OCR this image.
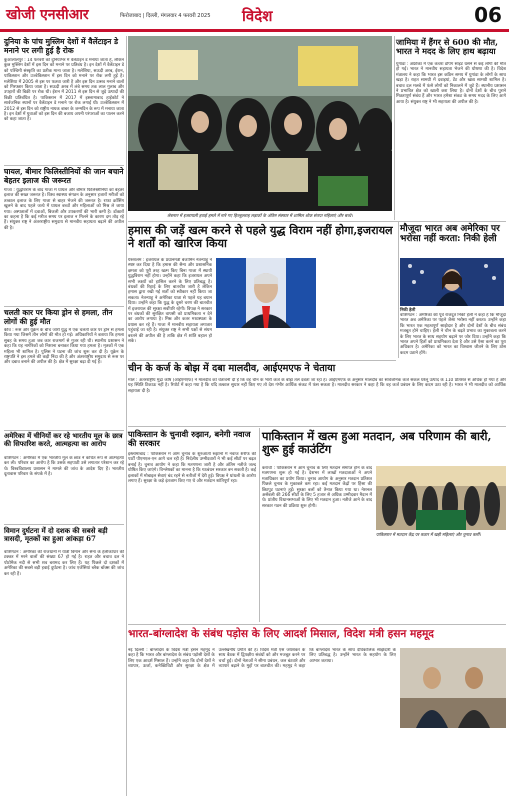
खोजी एनसीआर	फिरोजाबाद | दिल्ली, मंगलवार 4 फरवरी 2025 विदेश	06
दुनिया के पांच मुस्लिम देशों में वैलेंटाइन डे मनाने पर लगी हुई है रोक
कुआलालंपुर : 14 फरवरी को दुनियाभर में वैलेंटाइन डे मनाया जाता है, लेकिन कुछ मुस्लिम देशों में इस दिन को मनाने पर प्रतिबंध है। इन देशों में वैलेंटाइन डे को पश्चिमी संस्कृति का प्रतीक माना जाता है। मलेशिया, सऊदी अरब, ईरान, पाकिस्तान और उज्बेकिस्तान में इस दिन को मनाने पर रोक लगी हुई है। मलेशिया में 2005 से इस पर फतवा जारी है और इस दिन उत्सव मनाने वालों को गिरफ्तार किया जाता है। सऊदी अरब में लंबे समय तक लाल गुलाब और उपहारों की बिक्री पर रोक थी। ईरान में 2011 से इस दिन से जुड़े उत्पादों की बिक्री प्रतिबंधित है। पाकिस्तान में 2017 में इस्लामाबाद हाईकोर्ट ने सार्वजनिक स्थानों पर वैलेंटाइन डे मनाने पर रोक लगाई थी। उज्बेकिस्तान में 2012 से इस दिन को राष्ट्रीय नायक बाबर के जन्मदिन के रूप में मनाया जाता है। इन देशों में युवाओं को इस दिन की बजाय अपनी परंपराओं का पालन करने को कहा जाता है।
घायल, बीमार फिलिस्तीनियों की जान बचाने बेहतर इलाज की जरूरत
गाजा : युद्धविराम के बाद गाजा में घायल और बीमार फिलिस्तीनियों को बेहतर इलाज की सख्त जरूरत है। विश्व स्वास्थ्य संगठन के अनुसार हजारों मरीजों को तत्काल इलाज के लिए गाजा से बाहर भेजने की जरूरत है। राफा क्रॉसिंग खुलने के बाद पहले जत्थे में घायल बच्चों और महिलाओं को मिस्र ले जाया गया। अस्पतालों में दवाओं, बिजली और उपकरणों की भारी कमी है। डॉक्टरों का कहना है कि कई मरीज समय पर इलाज न मिलने के कारण दम तोड़ रहे हैं। संयुक्त राष्ट्र ने अंतरराष्ट्रीय समुदाय से मानवीय सहायता बढ़ाने की अपील की है।
लेबनान में इजरायली हवाई हमले में मारे गए हिज्बुल्लाह लड़ाकों के अंतिम संस्कार में शामिल शोक संतप्त महिलाएं और बच्चे।
जामिया में हैंगर से 600 की मौत, भारत ने मदद के लिए हाथ बढ़ाया
युगांडा : अफ्रीका में एक कचरा डंपिंग साइट धंसने से कई लोगों की मौत हो गई। भारत ने मानवीय सहायता भेजने की घोषणा की है। विदेश मंत्रालय ने कहा कि भारत इस कठिन समय में युगांडा के लोगों के साथ खड़ा है। राहत सामग्री में दवाइयां, टेंट और खाद्य सामग्री शामिल है। बचाव दल मलबे में फंसे लोगों को निकालने में जुटे हैं। स्थानीय प्रशासन ने प्रभावित क्षेत्र को खाली करा लिया है। दोनों देशों के बीच पुराने मित्रतापूर्ण संबंध हैं और भारत हमेशा संकट के समय मदद के लिए आगे आया है। संयुक्त राष्ट्र ने भी सहायता की अपील की है।
हमास की जड़ें खत्म करने से पहले युद्ध विराम नहीं होगा,इजरायल ने शर्तों को खारिज किया
मौजूदा भारत अब अमेरिका पर भरोसा नहीं करता: निकी हेली
येरुशलम : इजरायल के प्रधानमंत्री बेंजामिन नेतन्याहू ने स्पष्ट कर दिया है कि हमास की सैन्य और प्रशासनिक क्षमता को पूरी तरह खत्म किए बिना गाजा में स्थायी युद्धविराम नहीं होगा। उन्होंने कहा कि इजरायल अपने सभी लक्ष्यों को हासिल करने के लिए प्रतिबद्ध है। बंधकों की रिहाई के लिए बातचीत जारी है लेकिन हमास द्वारा रखी गई शर्तों को स्वीकार नहीं किया जा सकता। नेतन्याहू ने अमेरिका यात्रा से पहले यह बयान दिया। उन्होंने कहा कि युद्ध के दूसरे चरण की बातचीत में इजरायल की सुरक्षा सर्वोपरि रहेगी। विपक्ष ने सरकार पर बंधकों की सुरक्षित वापसी को प्राथमिकता न देने का आरोप लगाया है। मिस्र और कतर मध्यस्थता के प्रयास कर रहे हैं। गाजा में मानवीय सहायता लगातार पहुंचाई जा रही है। संयुक्त राष्ट्र ने सभी पक्षों से संयम बरतने की अपील की है ताकि क्षेत्र में शांति बहाल हो सके।
निकी हेली
वाशिंगटन : अमेरिका की पूर्व राजदूत निकी हेली ने कहा है कि मौजूदा भारत अब अमेरिका पर पहले जैसा भरोसा नहीं करता। उन्होंने कहा कि भारत एक महत्वपूर्ण साझेदार है और दोनों देशों के बीच संबंध मजबूत होने चाहिए। हेली ने चीन के बढ़ते प्रभाव का मुकाबला करने के लिए भारत के साथ सहयोग बढ़ाने पर जोर दिया। उन्होंने कहा कि भारत अपने हितों को प्राथमिकता देता है और उसे ऐसा करने का पूरा अधिकार है। अमेरिका को भारत का विश्वास जीतने के लिए ठोस कदम उठाने होंगे।
चलती कार पर किया ड्रोन से हमला, तीन लोगों की हुई मौत
कीव : रूस और यूक्रेन के बीच जारी युद्ध में एक चलती कार पर ड्रोन से हमला किया गया जिसमें तीन लोगों की मौत हो गई। अधिकारियों ने बताया कि हमला सुबह के समय हुआ जब कार राजमार्ग से गुजर रही थी। स्थानीय प्रशासन ने कहा कि यह नागरिकों को निशाना बनाकर किया गया हमला है। मृतकों में एक महिला भी शामिल है। पुलिस ने घटना की जांच शुरू कर दी है। यूक्रेन के राष्ट्रपति ने इस हमले की कड़ी निंदा की है और अंतरराष्ट्रीय समुदाय से रूस पर और दबाव बनाने की अपील की है। क्षेत्र में सुरक्षा बढ़ा दी गई है।
चीन के कर्ज के बोझ में दबा मालदीव, आईएमएफ ने चेताया
माले : अंतरराष्ट्रीय मुद्रा कोष (आईएमएफ) ने मालदीव को चेतावनी दी है कि वह चीन के भारी कर्ज के बोझ तले दबता जा रहा है। आईएमएफ के अनुसार मालदीव का सार्वजनिक कर्ज सकल घरेलू उत्पाद के 110 प्रतिशत से अधिक हो गया है और यह स्थिति टिकाऊ नहीं है। रिपोर्ट में कहा गया है कि यदि तत्काल सुधार नहीं किए गए तो देश गंभीर आर्थिक संकट में फंस सकता है। मालदीव सरकार ने कहा है कि वह कर्ज प्रबंधन के लिए कदम उठा रही है। भारत ने भी मालदीव को आर्थिक सहायता दी है।
अमेरिका में चीनियों कर रहे भारतीय मूल के छात्र की सिफारिश करते, आत्महत्या का आरोप
वाशिंगटन : अमेरिका में एक भारतीय मूल के छात्र ने कथित रूप से आत्महत्या कर ली। परिवार का आरोप है कि उसके सहपाठी उसे लगातार परेशान कर रहे थे। विश्वविद्यालय प्रशासन ने मामले की जांच के आदेश दिए हैं। भारतीय दूतावास परिवार के संपर्क में है।
पाकिस्तान के चुनावी रुझान, बनेगी नवाज की सरकार
इस्लामाबाद : पाकिस्तान में आम चुनाव के शुरुआती रुझानों में नवाज शरीफ की पार्टी पीएमएल-एन आगे चल रही है। निर्दलीय उम्मीदवारों ने भी कई सीटों पर बढ़त बनाई है। चुनाव आयोग ने कहा कि मतगणना जारी है और अंतिम नतीजे जल्द घोषित किए जाएंगे। विश्लेषकों का मानना है कि गठबंधन सरकार बन सकती है। कई इलाकों में मोबाइल सेवाएं बंद रहने से नतीजों में देरी हुई। विपक्ष ने धांधली के आरोप लगाए हैं। सुरक्षा के कड़े इंतजाम किए गए थे और मतदान शांतिपूर्ण रहा।
पाकिस्तान में खत्म हुआ मतदान, अब परिणाम की बारी, शुरू हुई काउंटिंग
कराची : पाकिस्तान में आम चुनाव के लिए मतदान समाप्त होने के बाद मतगणना शुरू हो गई है। देशभर में लाखों मतदाताओं ने अपने मताधिकार का प्रयोग किया। चुनाव आयोग के अनुसार मतदान प्रतिशत पिछले चुनाव के मुकाबले कम रहा। कई मतदान केंद्रों पर हिंसा की छिटपुट घटनाएं हुईं। सुरक्षा बलों को तैनात किया गया था। नेशनल असेंबली की 266 सीटों के लिए 5 हजार से अधिक उम्मीदवार मैदान में थे। प्रांतीय विधानसभाओं के लिए भी मतदान हुआ। नतीजे आने के बाद सरकार गठन की प्रक्रिया शुरू होगी।
पाकिस्तान में मतदान केंद्र पर कतार में खड़ी महिलाएं और चुनाव कर्मी।
विमान दुर्घटना में दो दशक की सबसे बड़ी त्रासदी, मृतकों का हुआ आंकड़ा 67
वाशिंगटन : अमेरिका की राजधानी में यात्री विमान और सेना के हेलीकॉप्टर की टक्कर में मरने वालों की संख्या 67 हो गई है। राहत और बचाव दल ने पोटोमैक नदी से सभी शव बरामद कर लिए हैं। यह पिछले दो दशकों में अमेरिका की सबसे बड़ी हवाई दुर्घटना है। जांच एजेंसियां ब्लैक बॉक्स की जांच कर रही हैं।
भारत-बांग्लादेश के संबंध पड़ोस के लिए आदर्श मिसाल, विदेश मंत्री हसन महमूद
नई दिल्ली : बांग्लादेश के विदेश मंत्री हसन महमूद ने कहा है कि भारत और बांग्लादेश के संबंध पड़ोसी देशों के लिए एक आदर्श मिसाल हैं। उन्होंने कहा कि दोनों देशों ने व्यापार, ऊर्जा, कनेक्टिविटी और सुरक्षा के क्षेत्र में उल्लेखनीय प्रगति की है। विदेश मंत्री एस जयशंकर के साथ बैठक में द्विपक्षीय संबंधों को और मजबूत करने पर चर्चा हुई। दोनों नेताओं ने सीमा प्रबंधन, जल बंटवारे और व्यापार बढ़ाने के मुद्दों पर बातचीत की। महमूद ने कहा कि बांग्लादेश भारत के साथ दीर्घकालिक साझेदारी के लिए प्रतिबद्ध है। उन्होंने भारत के सहयोग के लिए आभार जताया।
